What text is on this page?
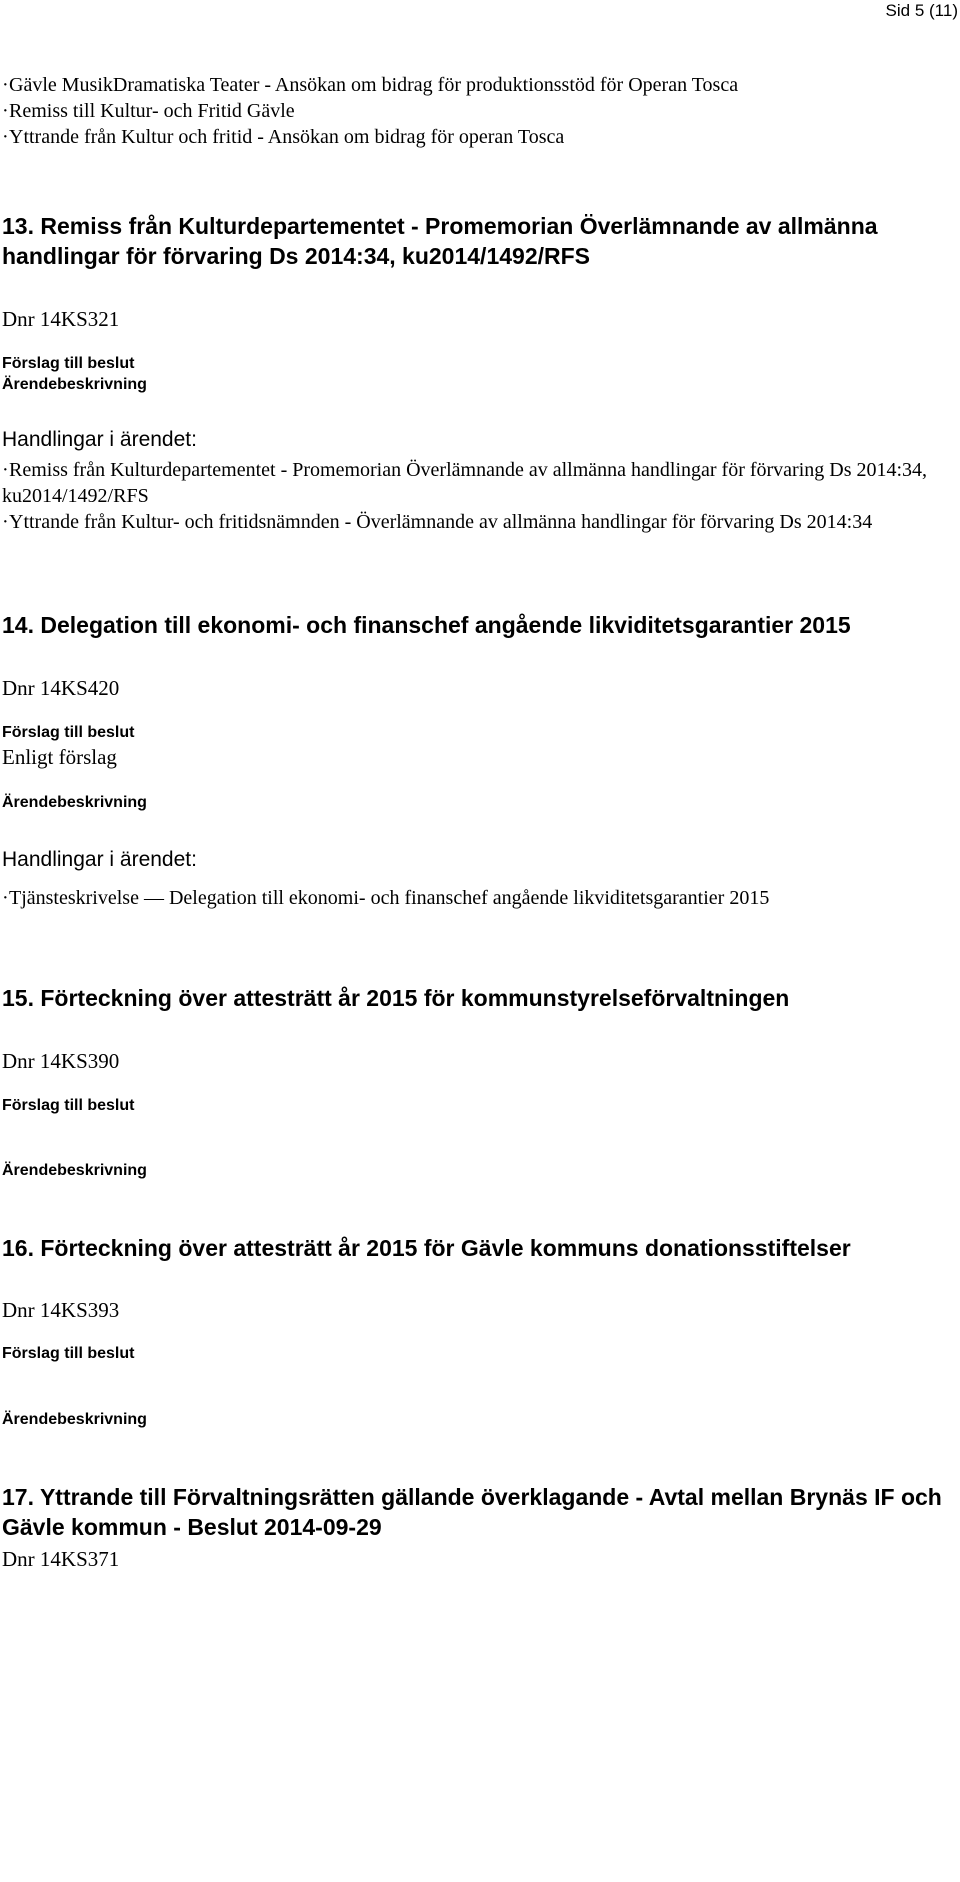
Sid 5 (11)
·Gävle MusikDramatiska Teater - Ansökan om bidrag för produktionsstöd för Operan Tosca
·Remiss till Kultur- och Fritid Gävle
·Yttrande från Kultur och fritid - Ansökan om bidrag för operan Tosca

13. Remiss från Kulturdepartementet - Promemorian Överlämnande av allmänna handlingar för förvaring Ds 2014:34, ku2014/1492/RFS

Dnr 14KS321

Förslag till beslut

Ärendebeskrivning

Handlingar i ärendet:

·Remiss från Kulturdepartementet - Promemorian Överlämnande av allmänna handlingar för förvaring Ds 2014:34, ku2014/1492/RFS
·Yttrande från Kultur- och fritidsnämnden - Överlämnande av allmänna handlingar för förvaring Ds 2014:34

14. Delegation till ekonomi- och finanschef angående likviditetsgarantier 2015

Dnr 14KS420

Förslag till beslut

Enligt förslag

Ärendebeskrivning

Handlingar i ärendet:

·Tjänsteskrivelse — Delegation till ekonomi- och finanschef angående likviditetsgarantier 2015

15. Förteckning över attesträtt år 2015 för kommunstyrelseförvaltningen

Dnr 14KS390

Förslag till beslut

Ärendebeskrivning

16. Förteckning över attesträtt år 2015 för Gävle kommuns donationsstiftelser

Dnr 14KS393

Förslag till beslut

Ärendebeskrivning

17. Yttrande till Förvaltningsrätten gällande överklagande - Avtal mellan Brynäs IF och Gävle kommun - Beslut 2014-09-29

Dnr 14KS371
